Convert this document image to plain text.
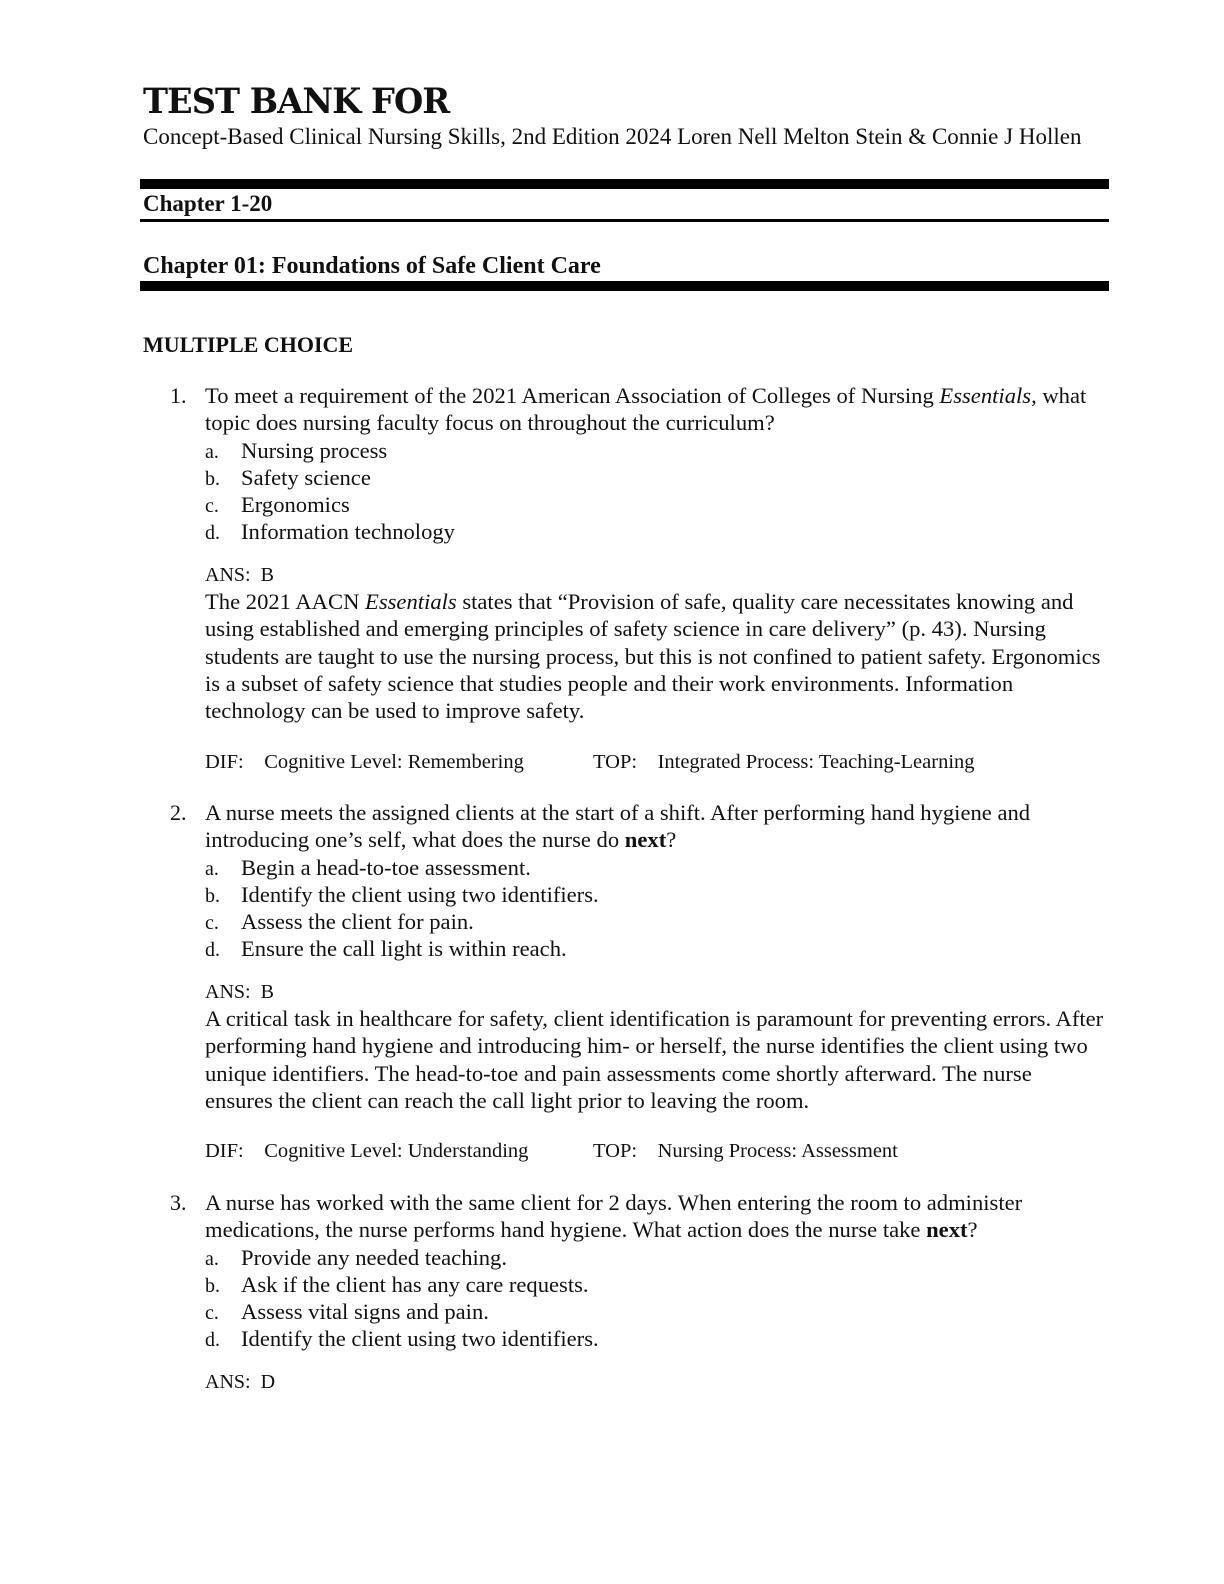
TEST BANK FOR
Concept-Based Clinical Nursing Skills, 2nd Edition 2024 Loren Nell Melton Stein & Connie J Hollen
Chapter 1-20
Chapter 01: Foundations of Safe Client Care
MULTIPLE CHOICE
1. To meet a requirement of the 2021 American Association of Colleges of Nursing Essentials, what topic does nursing faculty focus on throughout the curriculum?
a. Nursing process
b. Safety science
c. Ergonomics
d. Information technology
ANS: B
The 2021 AACN Essentials states that “Provision of safe, quality care necessitates knowing and using established and emerging principles of safety science in care delivery” (p. 43). Nursing students are taught to use the nursing process, but this is not confined to patient safety. Ergonomics is a subset of safety science that studies people and their work environments. Information technology can be used to improve safety.
DIF: Cognitive Level: Remembering	TOP: Integrated Process: Teaching-Learning
2. A nurse meets the assigned clients at the start of a shift. After performing hand hygiene and introducing one’s self, what does the nurse do next?
a. Begin a head-to-toe assessment.
b. Identify the client using two identifiers.
c. Assess the client for pain.
d. Ensure the call light is within reach.
ANS: B
A critical task in healthcare for safety, client identification is paramount for preventing errors. After performing hand hygiene and introducing him- or herself, the nurse identifies the client using two unique identifiers. The head-to-toe and pain assessments come shortly afterward. The nurse ensures the client can reach the call light prior to leaving the room.
DIF: Cognitive Level: Understanding	TOP: Nursing Process: Assessment
3. A nurse has worked with the same client for 2 days. When entering the room to administer medications, the nurse performs hand hygiene. What action does the nurse take next?
a. Provide any needed teaching.
b. Ask if the client has any care requests.
c. Assess vital signs and pain.
d. Identify the client using two identifiers.
ANS: D
